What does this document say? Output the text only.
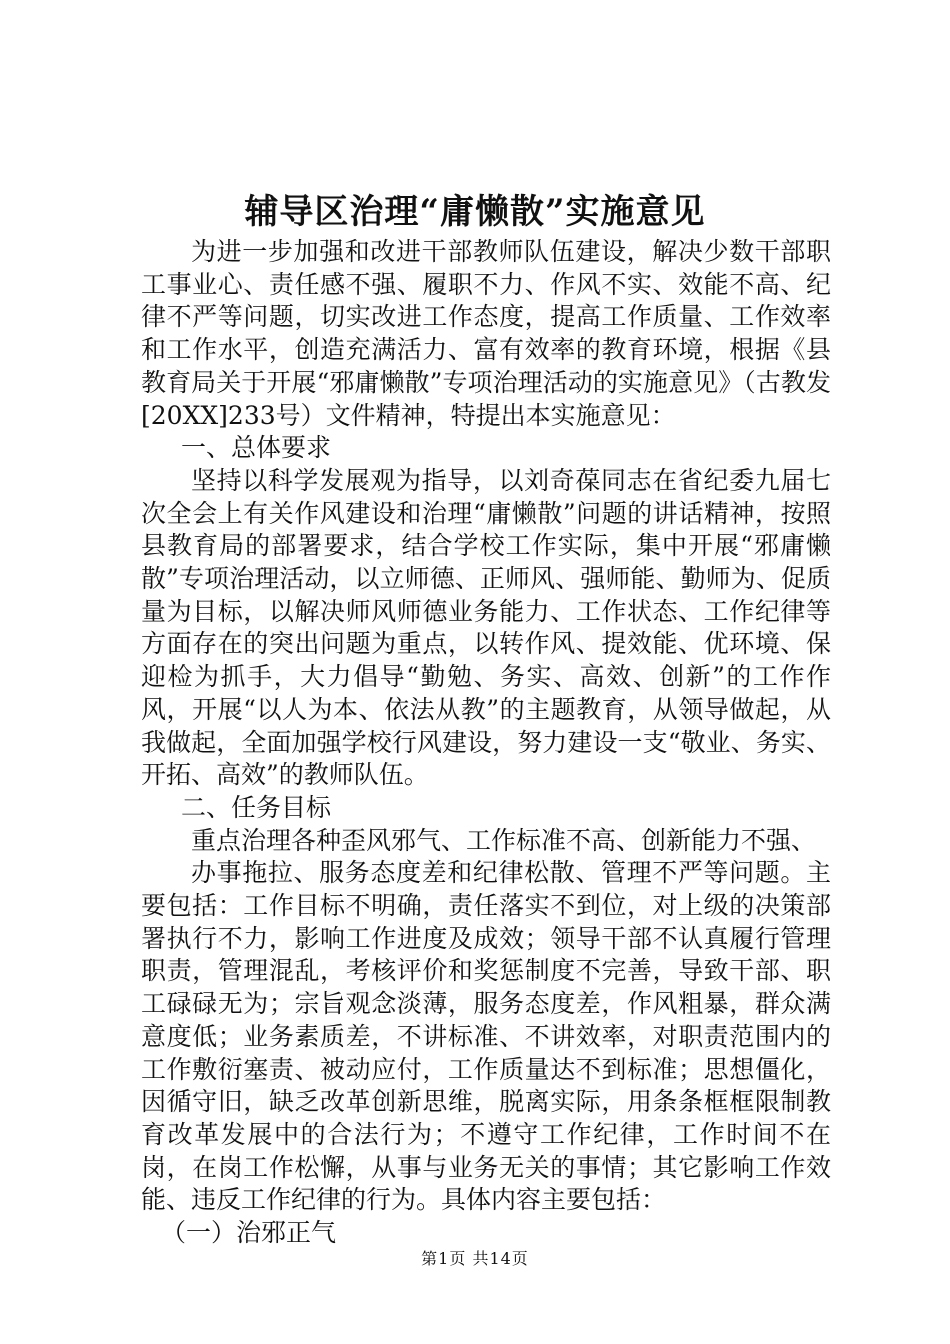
辅导区治理“庸懒散”实施意见

为进一步加强和改进干部教师队伍建设，解决少数干部职工事业心、责任感不强、履职不力、作风不实、效能不高、纪律不严等问题，切实改进工作态度，提高工作质量、工作效率和工作水平，创造充满活力、富有效率的教育环境，根据《县教育局关于开展“邪庸懒散”专项治理活动的实施意见》（古教发[20XX]233号）文件精神，特提出本实施意见：

一、总体要求

坚持以科学发展观为指导，以刘奇葆同志在省纪委九届七次全会上有关作风建设和治理“庸懒散”问题的讲话精神，按照县教育局的部署要求，结合学校工作实际，集中开展“邪庸懒散”专项治理活动，以立师德、正师风、强师能、勤师为、促质量为目标，以解决师风师德业务能力、工作状态、工作纪律等方面存在的突出问题为重点，以转作风、提效能、优环境、保迎检为抓手，大力倡导“勤勉、务实、高效、创新”的工作作风，开展“以人为本、依法从教”的主题教育，从领导做起，从我做起，全面加强学校行风建设，努力建设一支“敬业、务实、开拓、高效”的教师队伍。

二、任务目标

重点治理各种歪风邪气、工作标准不高、创新能力不强、

办事拖拉、服务态度差和纪律松散、管理不严等问题。主要包括：工作目标不明确，责任落实不到位，对上级的决策部署执行不力，影响工作进度及成效；领导干部不认真履行管理职责，管理混乱，考核评价和奖惩制度不完善，导致干部、职工碌碌无为；宗旨观念淡薄，服务态度差，作风粗暴，群众满意度低；业务素质差，不讲标准、不讲效率，对职责范围内的工作敷衍塞责、被动应付，工作质量达不到标准；思想僵化，因循守旧，缺乏改革创新思维，脱离实际，用条条框框限制教育改革发展中的合法行为；不遵守工作纪律，工作时间不在岗，在岗工作松懈，从事与业务无关的事情；其它影响工作效能、违反工作纪律的行为。具体内容主要包括：

（一）治邪正气

第1页 共14页
